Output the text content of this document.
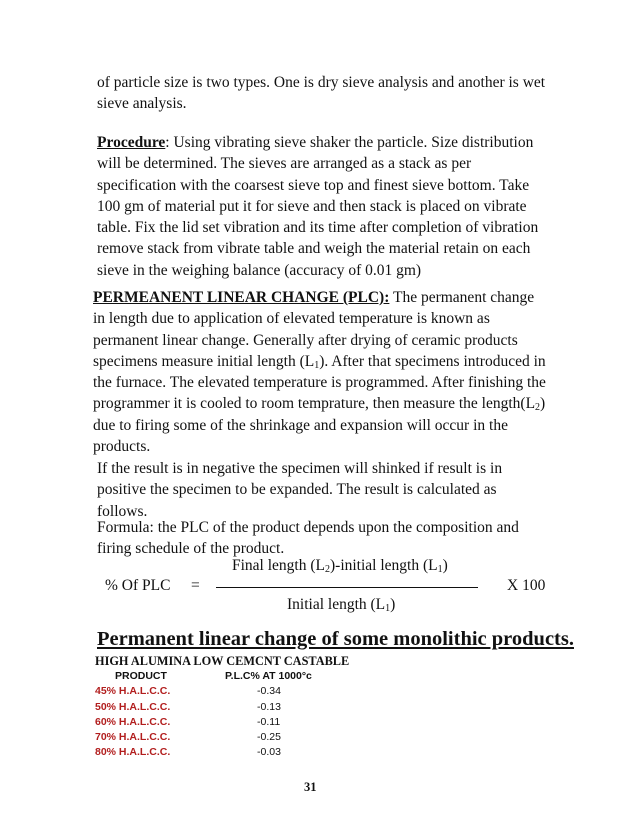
of particle size is two types. One is dry sieve analysis and another is wet
sieve analysis.
Procedure: Using vibrating sieve shaker the particle. Size distribution
will be determined. The sieves are arranged as a stack as per
specification with the coarsest sieve top and finest sieve bottom. Take
100 gm of material put it for sieve and then stack is placed on vibrate
table. Fix the lid set vibration and its time after completion of vibration
remove stack from vibrate table and weigh the material retain on each
sieve in the weighing balance (accuracy of 0.01 gm)
PERMEANENT LINEAR CHANGE (PLC): The permanent change
in length due to application of elevated temperature is known as
permanent linear change. Generally after drying of ceramic products
specimens measure initial length $(L_1)$. After that specimens introduced in
the furnace. The elevated temperature is programmed. After finishing the
programmer it is cooled to room temprature, then measure the $length(L_2)$
due to firing some of the shrinkage and expansion will occur in the
products.
If the result is in negative the specimen will shinked if result is in
positive the specimen to be expanded. The result is calculated as
follows.
Formula: the PLC of the product depends upon the composition and
firing schedule of the product.
Final length $(L_2)$-initial length $(L_1)$
% Of PLC =	X 100
Initial length $(L_1)$
Permanent linear change of some monolithic products.
HIGH ALUMINA LOW CEMCNT CASTABLE
PRODUCT	P.L.C% AT 1000°c
45% H.A.L.C.C.	-0.34
50% H.A.L.C.C.	-0.13
60% H.A.L.C.C.	-0.11
70% H.A.L.C.C.	-0.25
80% H.A.L.C.C.	-0.03
31
